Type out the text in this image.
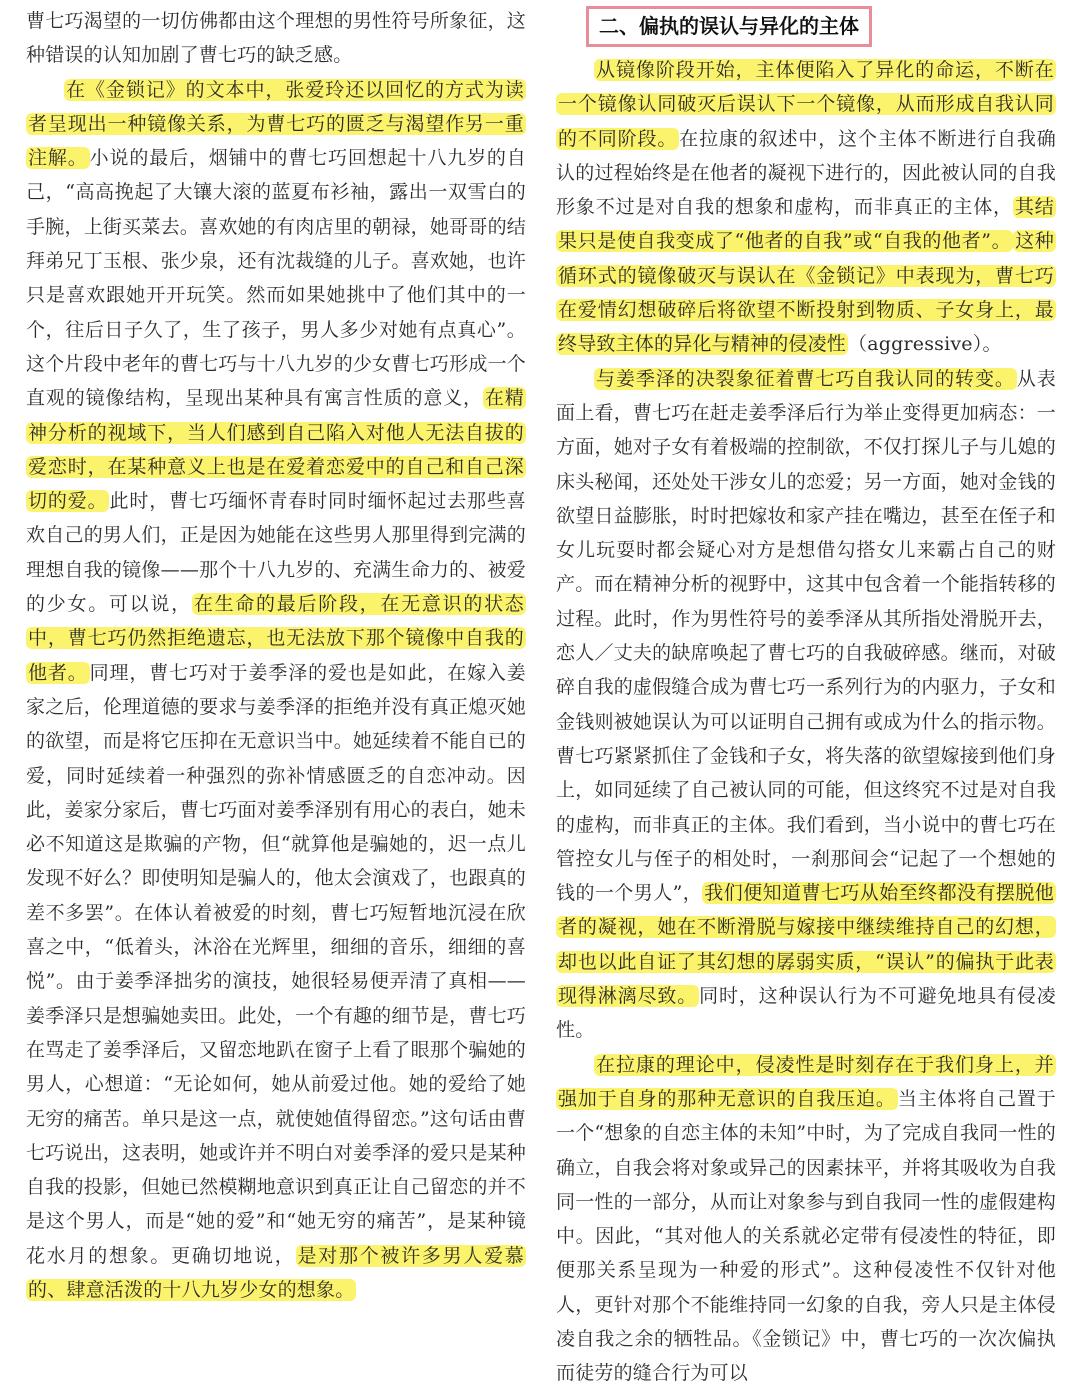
曹七巧渴望的一切仿佛都由这个理想的男性符号所象征，这种错误的认知加剧了曹七巧的缺乏感。

在《金锁记》的文本中，张爱玲还以回忆的方式为读者呈现出一种镜像关系，为曹七巧的匮乏与渴望作另一重注解。 小说的最后，烟铺中的曹七巧回想起十八九岁的自己，“高高挽起了大镶大滚的蓝夏布衫袖，露出一双雪白的手腕，上街买菜去。喜欢她的有肉店里的朝禄，她哥哥的结拜弟兄丁玉根、张少泉，还有沈裁缝的儿子。喜欢她，也许只是喜欢跟她开开玩笑。然而如果她挑中了他们其中的一个，往后日子久了，生了孩子，男人多少对她有点真心”。这个片段中老年的曹七巧与十八九岁的少女曹七巧形成一个直观的镜像结构，呈现出某种具有寓言性质的意义， 在精神分析的视域下，当人们感到自己陷入对他人无法自拔的爱恋时，在某种意义上也是在爱着恋爱中的自己和自己深切的爱。 此时，曹七巧缅怀青春时同时缅怀起过去那些喜欢自己的男人们，正是因为她能在这些男人那里得到完满的理想自我的镜像——那个十八九岁的、充满生命力的、被爱的少女。可以说， 在生命的最后阶段，在无意识的状态中，曹七巧仍然拒绝遗忘，也无法放下那个镜像中自我的他者。 同理，曹七巧对于姜季泽的爱也是如此，在嫁入姜家之后，伦理道德的要求与姜季泽的拒绝并没有真正熄灭她的欲望，而是将它压抑在无意识当中。她延续着不能自已的爱，同时延续着一种强烈的弥补情感匮乏的自恋冲动。因此，姜家分家后，曹七巧面对姜季泽别有用心的表白，她未必不知道这是欺骗的产物，但“就算他是骗她的，迟一点儿发现不好么？即使明知是骗人的，他太会演戏了，也跟真的差不多罢”。在体认着被爱的时刻，曹七巧短暂地沉浸在欣喜之中，“低着头，沐浴在光辉里，细细的音乐，细细的喜悦”。由于姜季泽拙劣的演技，她很轻易便弄清了真相——姜季泽只是想骗她卖田。此处，一个有趣的细节是，曹七巧在骂走了姜季泽后，又留恋地趴在窗子上看了眼那个骗她的男人，心想道：“无论如何，她从前爱过他。她的爱给了她无穷的痛苦。单只是这一点，就使她值得留恋。”这句话由曹七巧说出，这表明，她或许并不明白对姜季泽的爱只是某种自我的投影，但她已然模糊地意识到真正让自己留恋的并不是这个男人，而是“她的爱”和“她无穷的痛苦”，是某种镜花水月的想象。更确切地说， 是对那个被许多男人爱慕的、肆意活泼的十八九岁少女的想象。

二、偏执的误认与异化的主体

从镜像阶段开始，主体便陷入了异化的命运，不断在一个镜像认同破灭后误认下一个镜像，从而形成自我认同的不同阶段。 在拉康的叙述中，这个主体不断进行自我确认的过程始终是在他者的凝视下进行的，因此被认同的自我形象不过是对自我的想象和虚构，而非真正的主体， 其结果只是使自我变成了“他者的自我”或“自我的他者”。 这种循环式的镜像破灭与误认在《金锁记》中表现为，曹七巧在爱情幻想破碎后将欲望不断投射到物质、子女身上，最终导致主体的异化与精神的侵凌性 （aggressive）。

与姜季泽的决裂象征着曹七巧自我认同的转变。 从表面上看，曹七巧在赶走姜季泽后行为举止变得更加病态：一方面，她对子女有着极端的控制欲，不仅打探儿子与儿媳的床头秘闻，还处处干涉女儿的恋爱；另一方面，她对金钱的欲望日益膨胀，时时把嫁妆和家产挂在嘴边，甚至在侄子和女儿玩耍时都会疑心对方是想借勾搭女儿来霸占自己的财产。而在精神分析的视野中，这其中包含着一个能指转移的过程。此时，作为男性符号的姜季泽从其所指处滑脱开去，恋人／丈夫的缺席唤起了曹七巧的自我破碎感。继而，对破碎自我的虚假缝合成为曹七巧一系列行为的内驱力，子女和金钱则被她误认为可以证明自己拥有或成为什么的指示物。曹七巧紧紧抓住了金钱和子女，将失落的欲望嫁接到他们身上，如同延续了自己被认同的可能，但这终究不过是对自我的虚构，而非真正的主体。我们看到，当小说中的曹七巧在管控女儿与侄子的相处时，一刹那间会“记起了一个想她的钱的一个男人”， 我们便知道曹七巧从始至终都没有摆脱他者的凝视，她在不断滑脱与嫁接中继续维持自己的幻想，却也以此自证了其幻想的孱弱实质，“误认”的偏执于此表现得淋漓尽致。 同时，这种误认行为不可避免地具有侵凌性。

在拉康的理论中，侵凌性是时刻存在于我们身上，并强加于自身的那种无意识的自我压迫。 当主体将自己置于一个“想象的自恋主体的未知”中时，为了完成自我同一性的确立，自我会将对象或异己的因素抹平，并将其吸收为自我同一性的一部分，从而让对象参与到自我同一性的虚假建构中。因此，“其对他人的关系就必定带有侵凌性的特征，即便那关系呈现为一种爱的形式”。这种侵凌性不仅针对他人，更针对那个不能维持同一幻象的自我，旁人只是主体侵凌自我之余的牺牲品。《金锁记》中，曹七巧的一次次偏执而徒劳的缝合行为可以
